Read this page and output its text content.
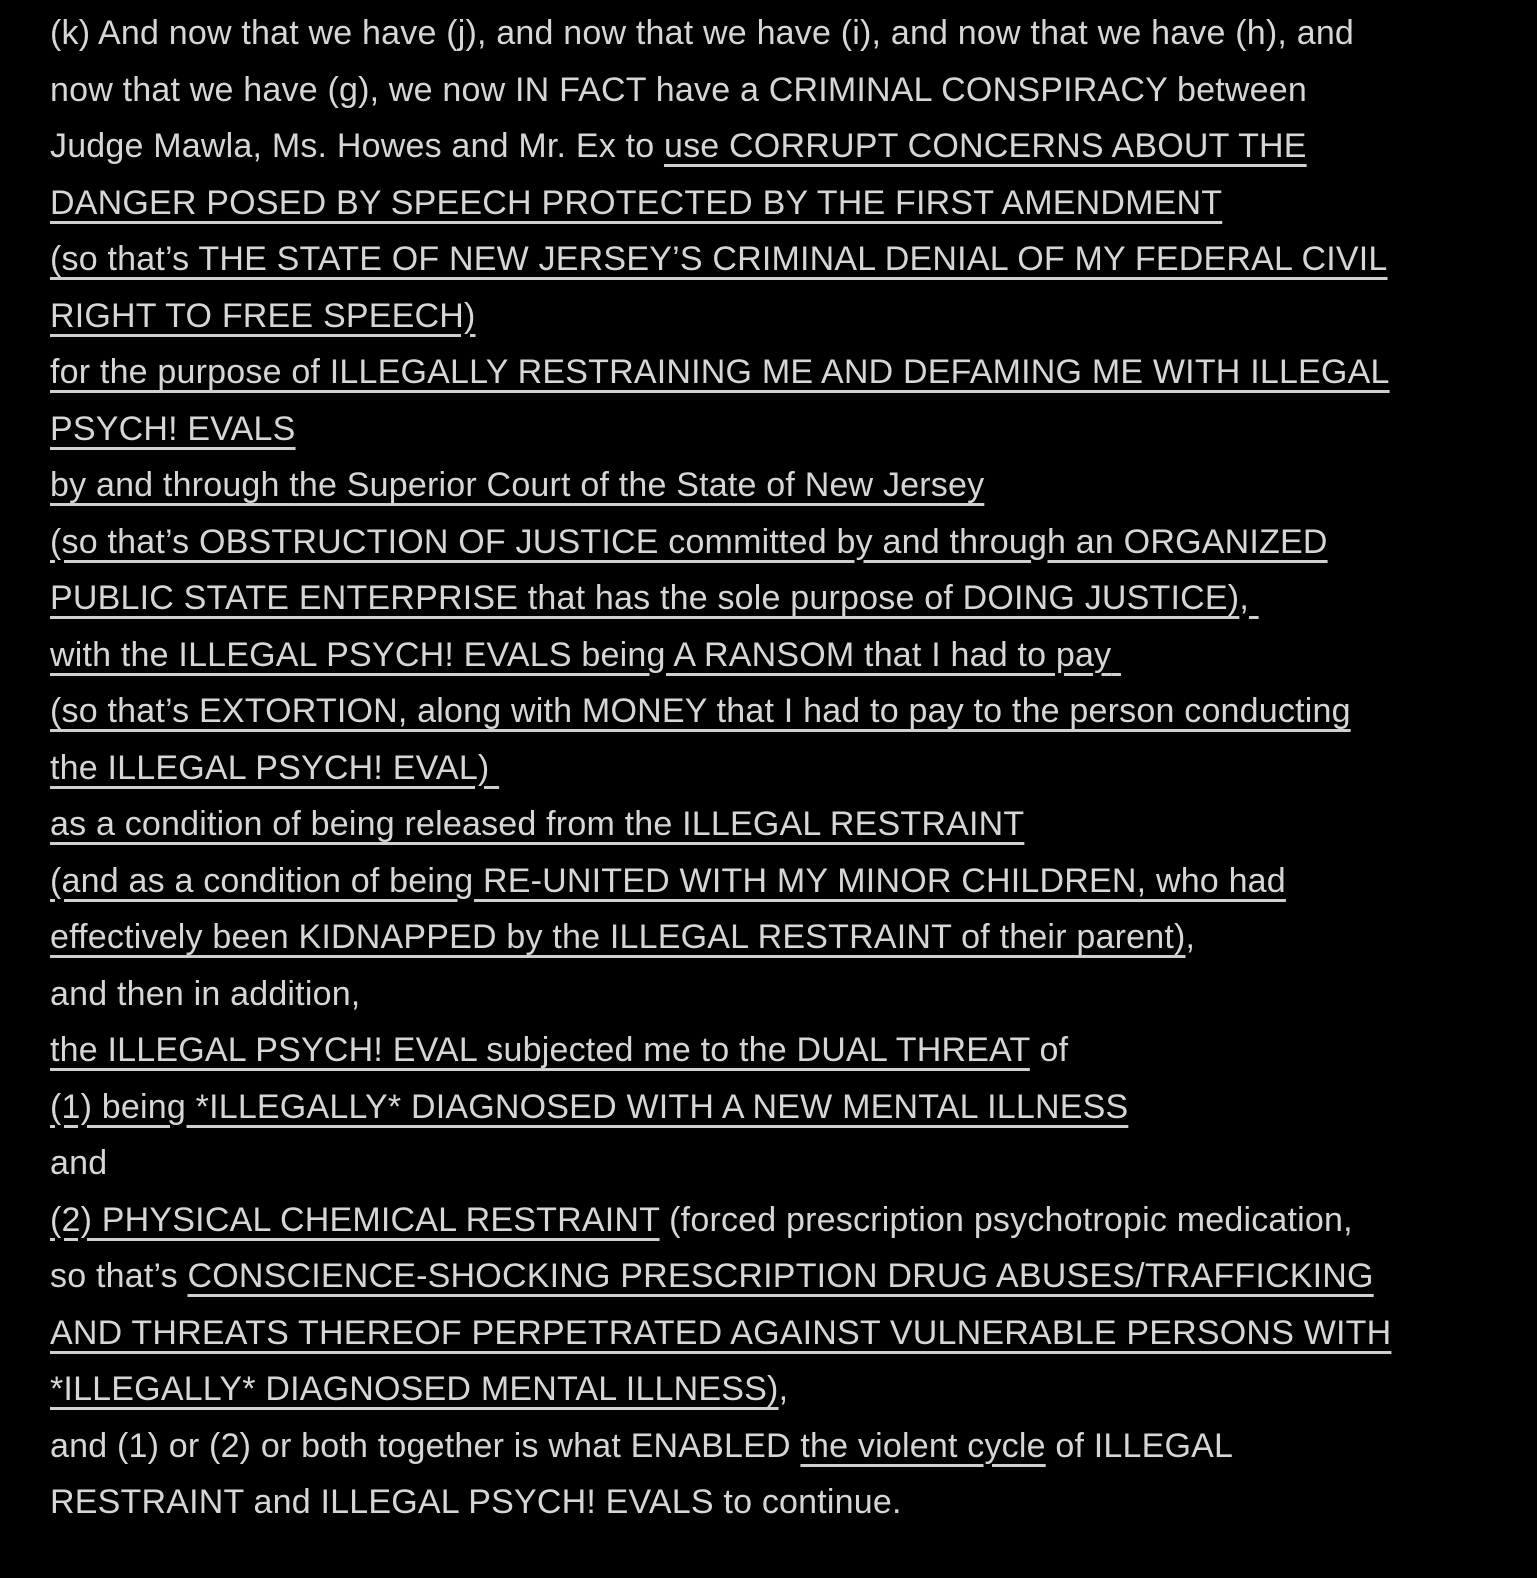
(k) And now that we have (j), and now that we have (i), and now that we have (h), and
now that we have (g), we now IN FACT have a CRIMINAL CONSPIRACY between
Judge Mawla, Ms. Howes and Mr. Ex to use CORRUPT CONCERNS ABOUT THE
DANGER POSED BY SPEECH PROTECTED BY THE FIRST AMENDMENT
(so that’s THE STATE OF NEW JERSEY’S CRIMINAL DENIAL OF MY FEDERAL CIVIL
RIGHT TO FREE SPEECH)
for the purpose of ILLEGALLY RESTRAINING ME AND DEFAMING ME WITH ILLEGAL
PSYCH! EVALS
by and through the Superior Court of the State of New Jersey
(so that’s OBSTRUCTION OF JUSTICE committed by and through an ORGANIZED
PUBLIC STATE ENTERPRISE that has the sole purpose of DOING JUSTICE),
with the ILLEGAL PSYCH! EVALS being A RANSOM that I had to pay
(so that’s EXTORTION, along with MONEY that I had to pay to the person conducting
the ILLEGAL PSYCH! EVAL)
as a condition of being released from the ILLEGAL RESTRAINT
(and as a condition of being RE-UNITED WITH MY MINOR CHILDREN, who had
effectively been KIDNAPPED by the ILLEGAL RESTRAINT of their parent),
and then in addition,
the ILLEGAL PSYCH! EVAL subjected me to the DUAL THREAT of
(1) being *ILLEGALLY* DIAGNOSED WITH A NEW MENTAL ILLNESS
and
(2) PHYSICAL CHEMICAL RESTRAINT (forced prescription psychotropic medication,
so that’s CONSCIENCE-SHOCKING PRESCRIPTION DRUG ABUSES/TRAFFICKING
AND THREATS THEREOF PERPETRATED AGAINST VULNERABLE PERSONS WITH
*ILLEGALLY* DIAGNOSED MENTAL ILLNESS),
and (1) or (2) or both together is what ENABLED the violent cycle of ILLEGAL
RESTRAINT and ILLEGAL PSYCH! EVALS to continue.
